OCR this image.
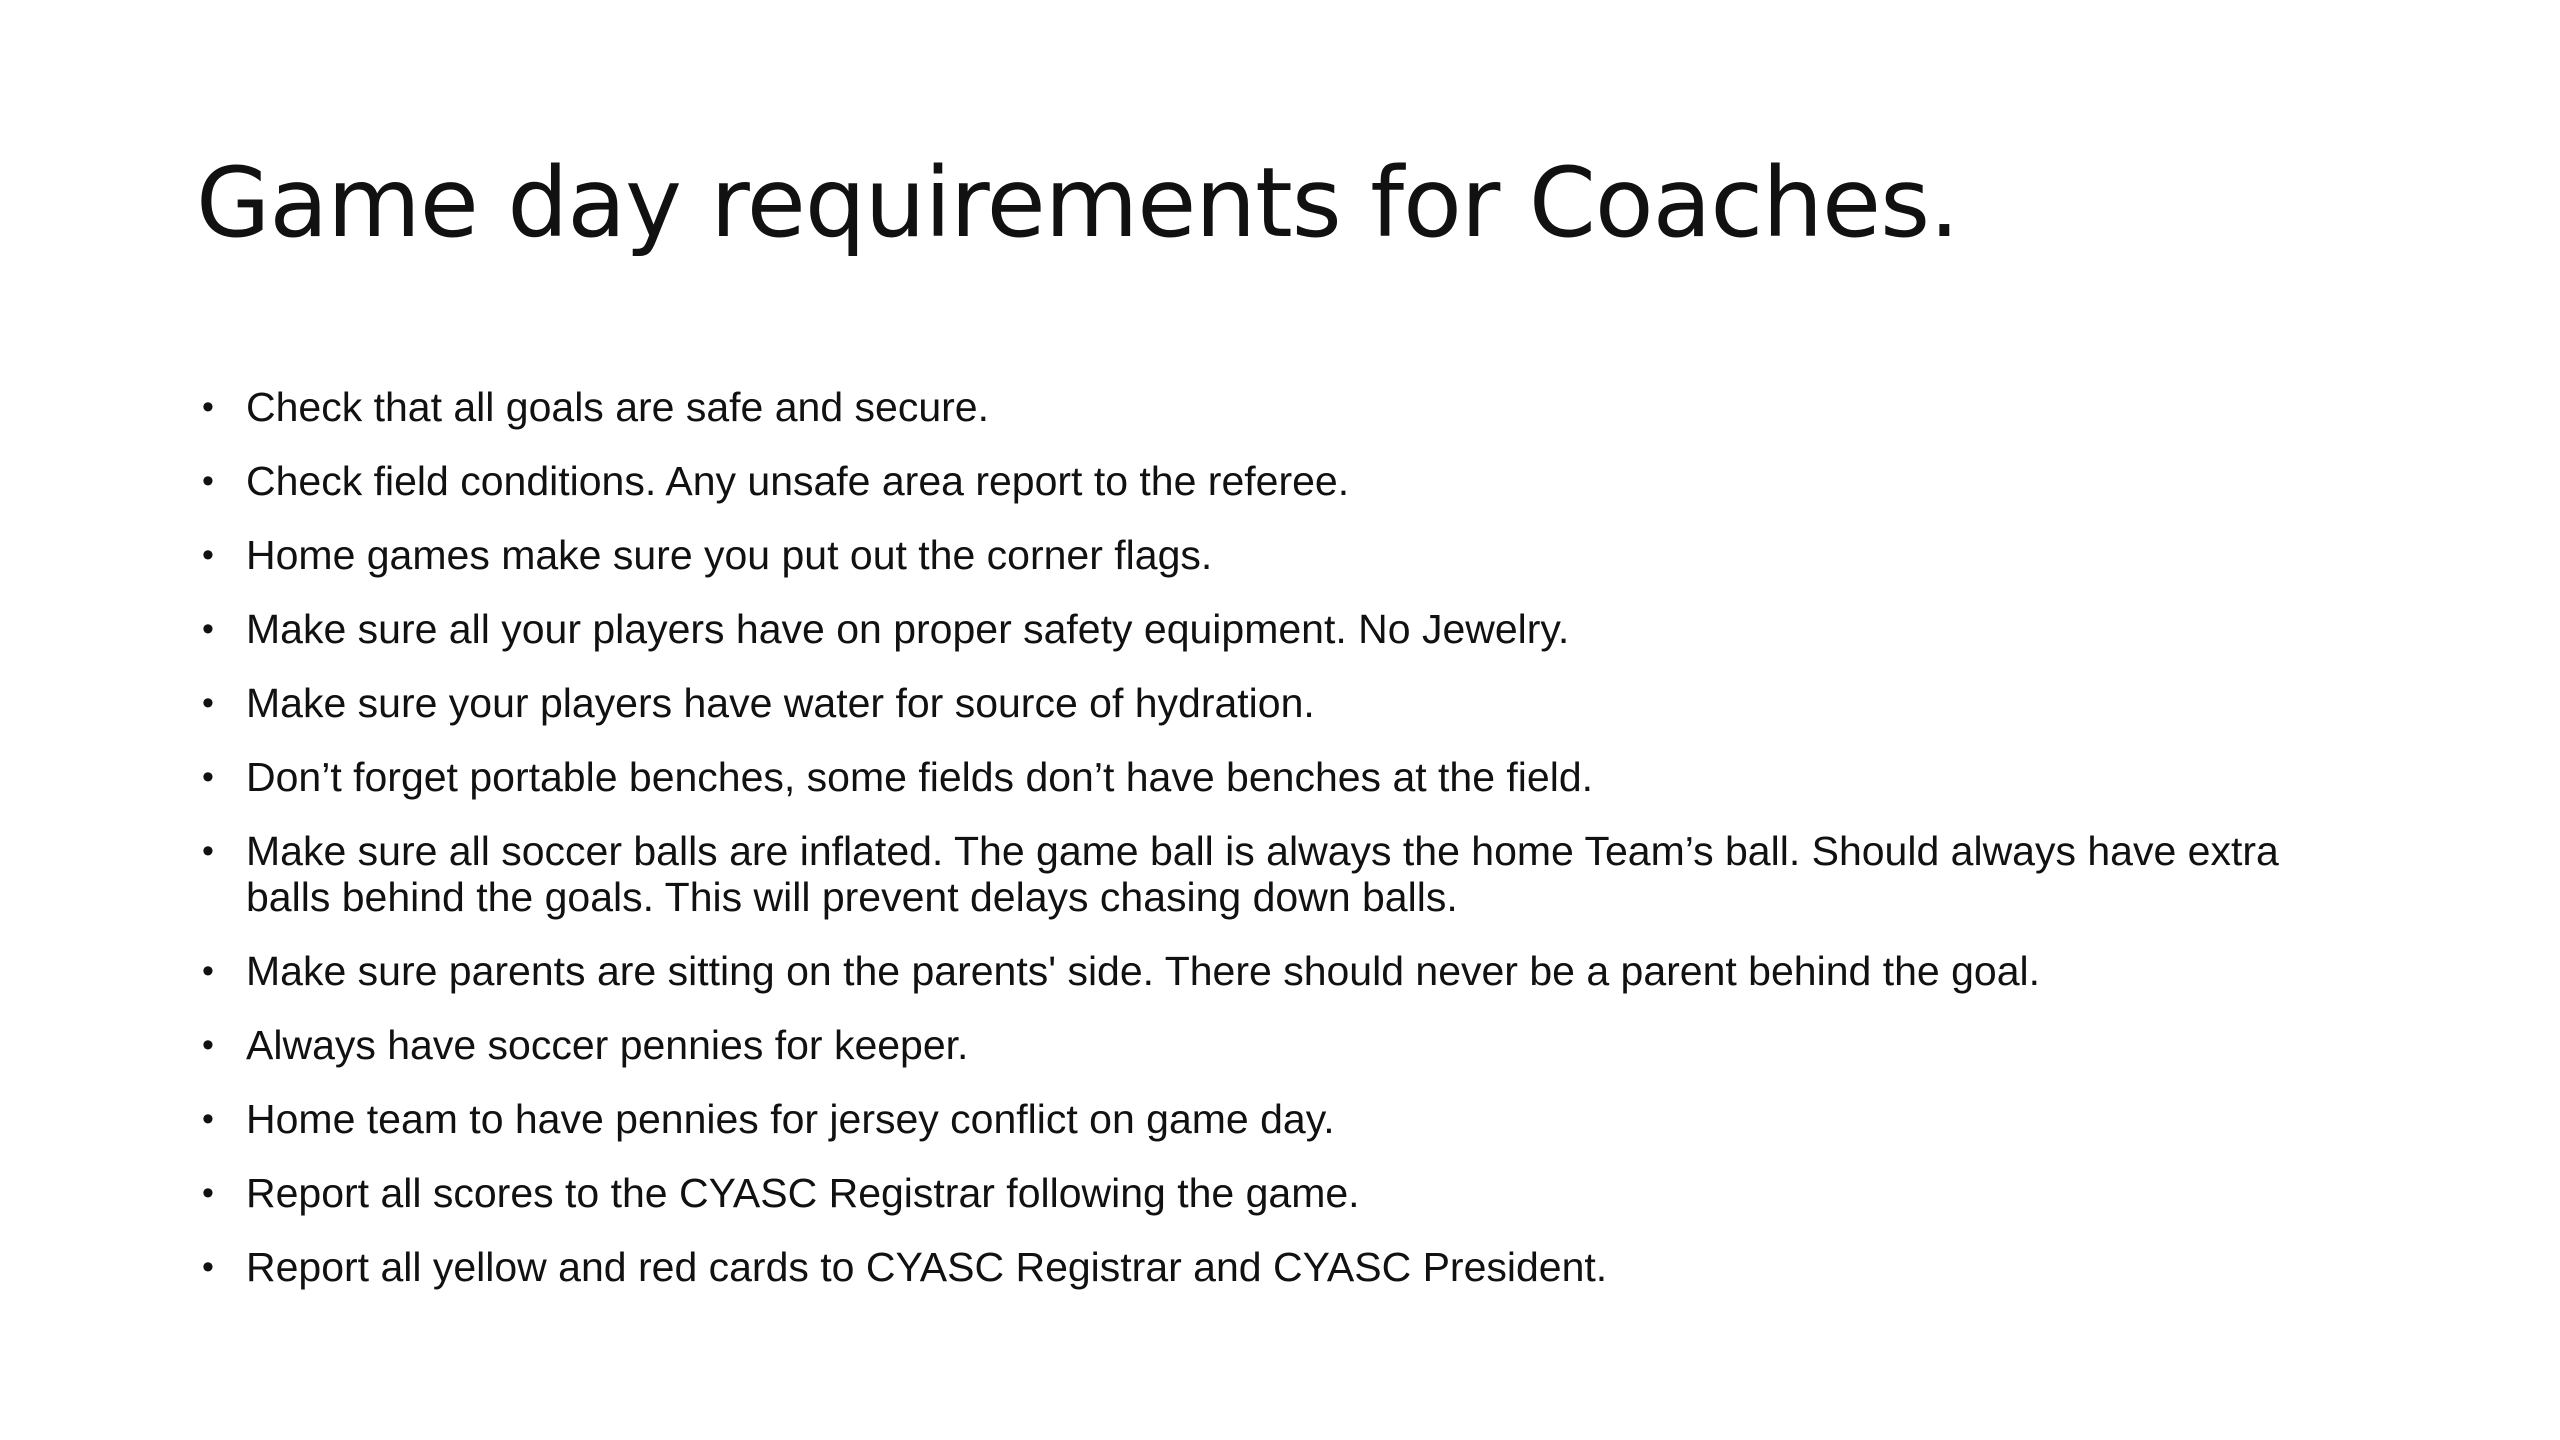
Game day requirements for Coaches.
• Check that all goals are safe and secure.
• Check field conditions. Any unsafe area report to the referee.
• Home games make sure you put out the corner flags.
• Make sure all your players have on proper safety equipment. No Jewelry.
• Make sure your players have water for source of hydration.
• Don’t forget portable benches, some fields don’t have benches at the field.
• Make sure all soccer balls are inflated. The game ball is always the home Team’s ball. Should always have extra balls behind the goals. This will prevent delays chasing down balls.
• Make sure parents are sitting on the parents' side. There should never be a parent behind the goal.
• Always have soccer pennies for keeper.
• Home team to have pennies for jersey conflict on game day.
• Report all scores to the CYASC Registrar following the game.
• Report all yellow and red cards to CYASC Registrar and CYASC President.
